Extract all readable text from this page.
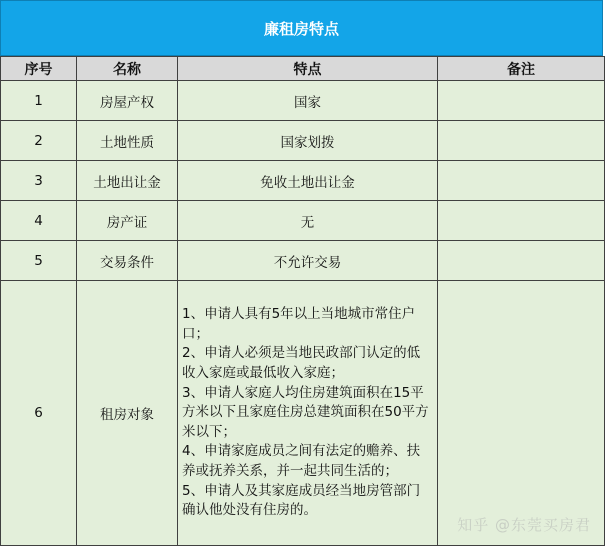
廉租房特点
序号	名称	特点	备注
1	房屋产权	国家	
2	土地性质	国家划拨	
3	土地出让金	免收土地出让金	
4	房产证	无	
5	交易条件	不允许交易	
6	租房对象	1、申请人具有5年以上当地城市常住户口；
2、申请人必须是当地民政部门认定的低收入家庭或最低收入家庭；
3、申请人家庭人均住房建筑面积在15平方米以下且家庭住房总建筑面积在50平方米以下；
4、申请家庭成员之间有法定的赡养、扶养或抚养关系，并一起共同生活的；
5、申请人及其家庭成员经当地房管部门确认他处没有住房的。	

知乎 @东莞买房君
